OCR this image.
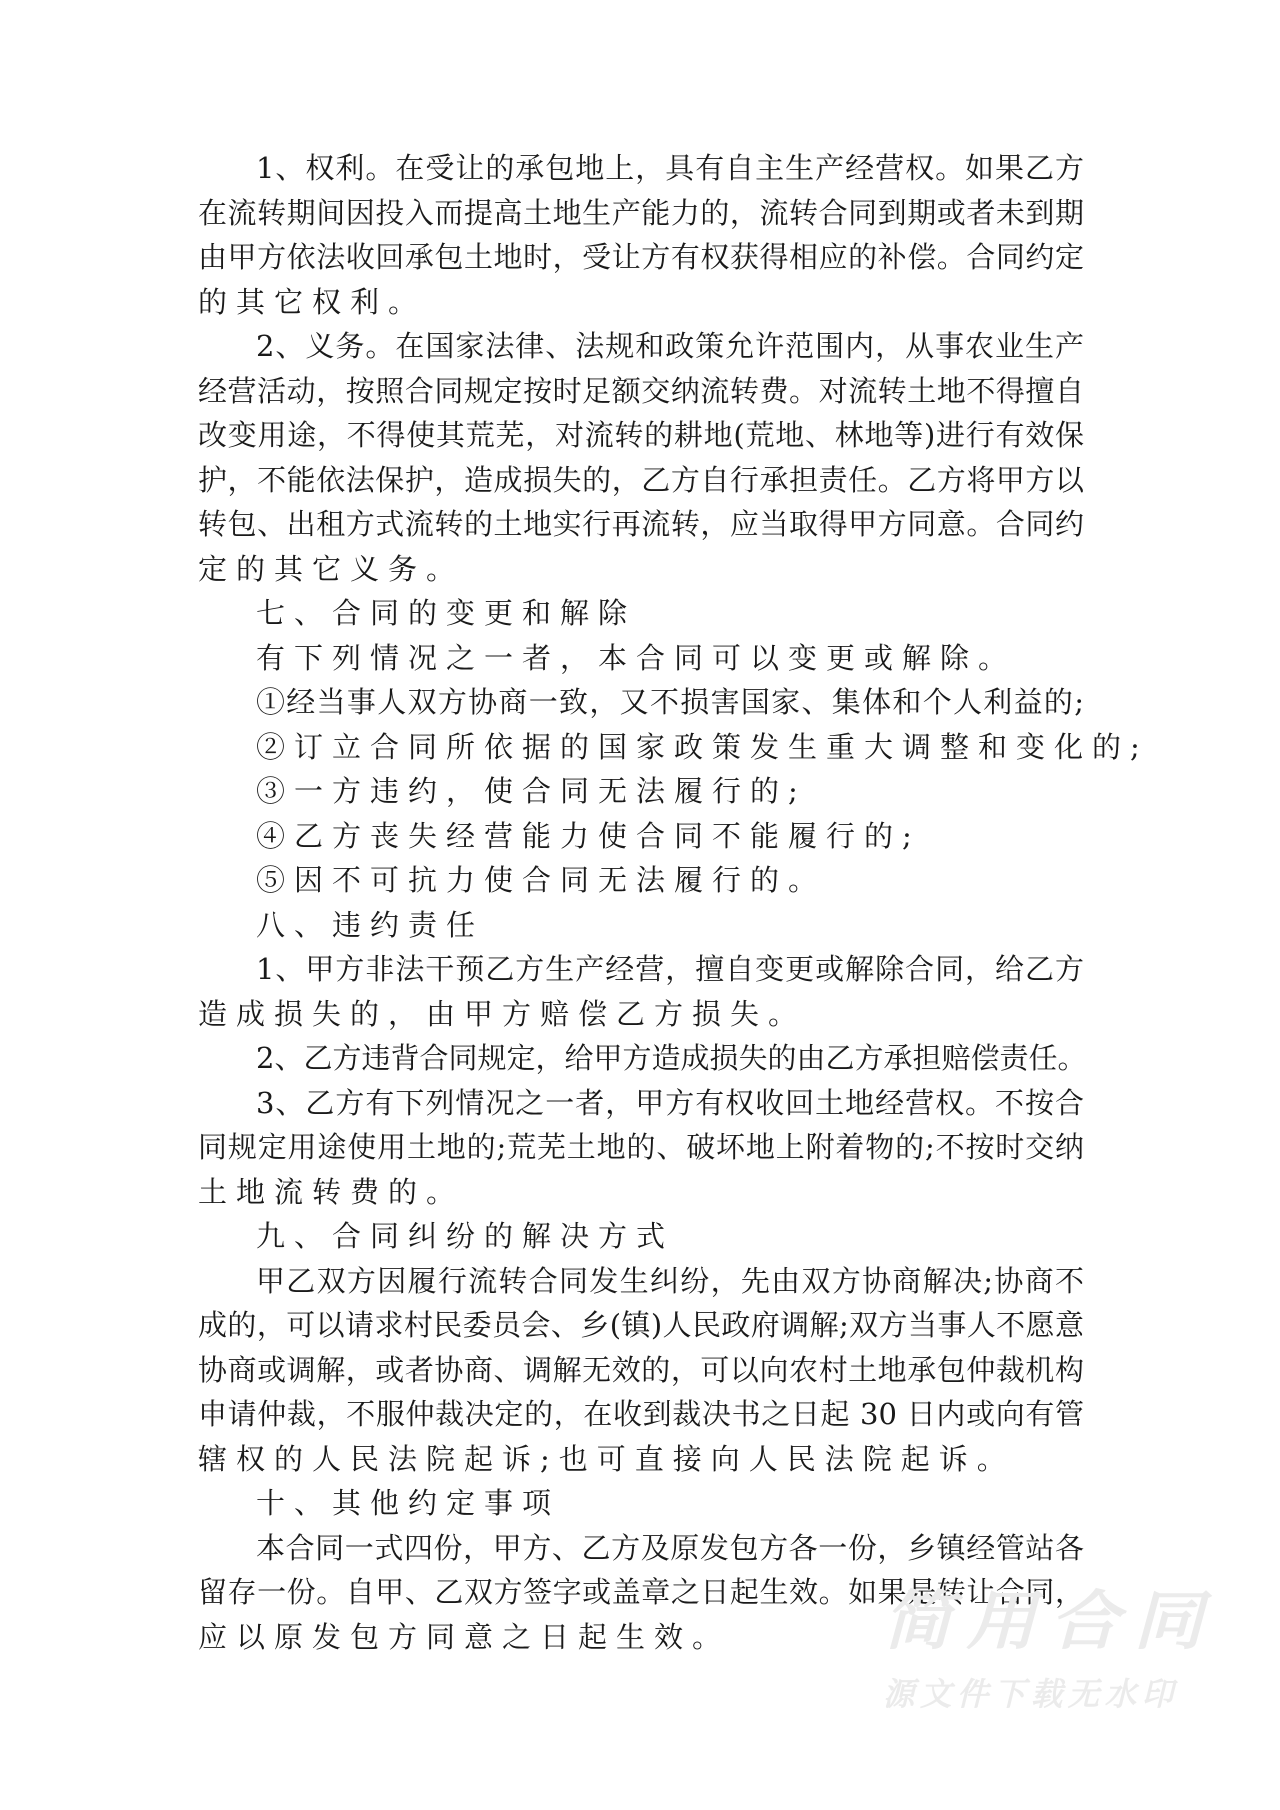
1、权利。在受让的承包地上，具有自主生产经营权。如果乙方
在流转期间因投入而提高土地生产能力的，流转合同到期或者未到期
由甲方依法收回承包土地时，受让方有权获得相应的补偿。合同约定
的其它权利。
2、义务。在国家法律、法规和政策允许范围内，从事农业生产
经营活动，按照合同规定按时足额交纳流转费。对流转土地不得擅自
改变用途，不得使其荒芜，对流转的耕地(荒地、林地等)进行有效保
护，不能依法保护，造成损失的，乙方自行承担责任。乙方将甲方以
转包、出租方式流转的土地实行再流转，应当取得甲方同意。合同约
定的其它义务。
七、合同的变更和解除
有下列情况之一者，本合同可以变更或解除。
①经当事人双方协商一致，又不损害国家、集体和个人利益的;
②订立合同所依据的国家政策发生重大调整和变化的;
③一方违约，使合同无法履行的;
④乙方丧失经营能力使合同不能履行的;
⑤因不可抗力使合同无法履行的。
八、违约责任
1、甲方非法干预乙方生产经营，擅自变更或解除合同，给乙方
造成损失的，由甲方赔偿乙方损失。
2、乙方违背合同规定，给甲方造成损失的由乙方承担赔偿责任。
3、乙方有下列情况之一者，甲方有权收回土地经营权。不按合
同规定用途使用土地的;荒芜土地的、破坏地上附着物的;不按时交纳
土地流转费的。
九、合同纠纷的解决方式
甲乙双方因履行流转合同发生纠纷，先由双方协商解决;协商不
成的，可以请求村民委员会、乡(镇)人民政府调解;双方当事人不愿意
协商或调解，或者协商、调解无效的，可以向农村土地承包仲裁机构
申请仲裁，不服仲裁决定的，在收到裁决书之日起 30 日内或向有管
辖权的人民法院起诉;也可直接向人民法院起诉。
十、其他约定事项
本合同一式四份，甲方、乙方及原发包方各一份，乡镇经管站各
留存一份。自甲、乙双方签字或盖章之日起生效。如果是转让合同，
应以原发包方同意之日起生效。	简用合同
源文件下载无水印
